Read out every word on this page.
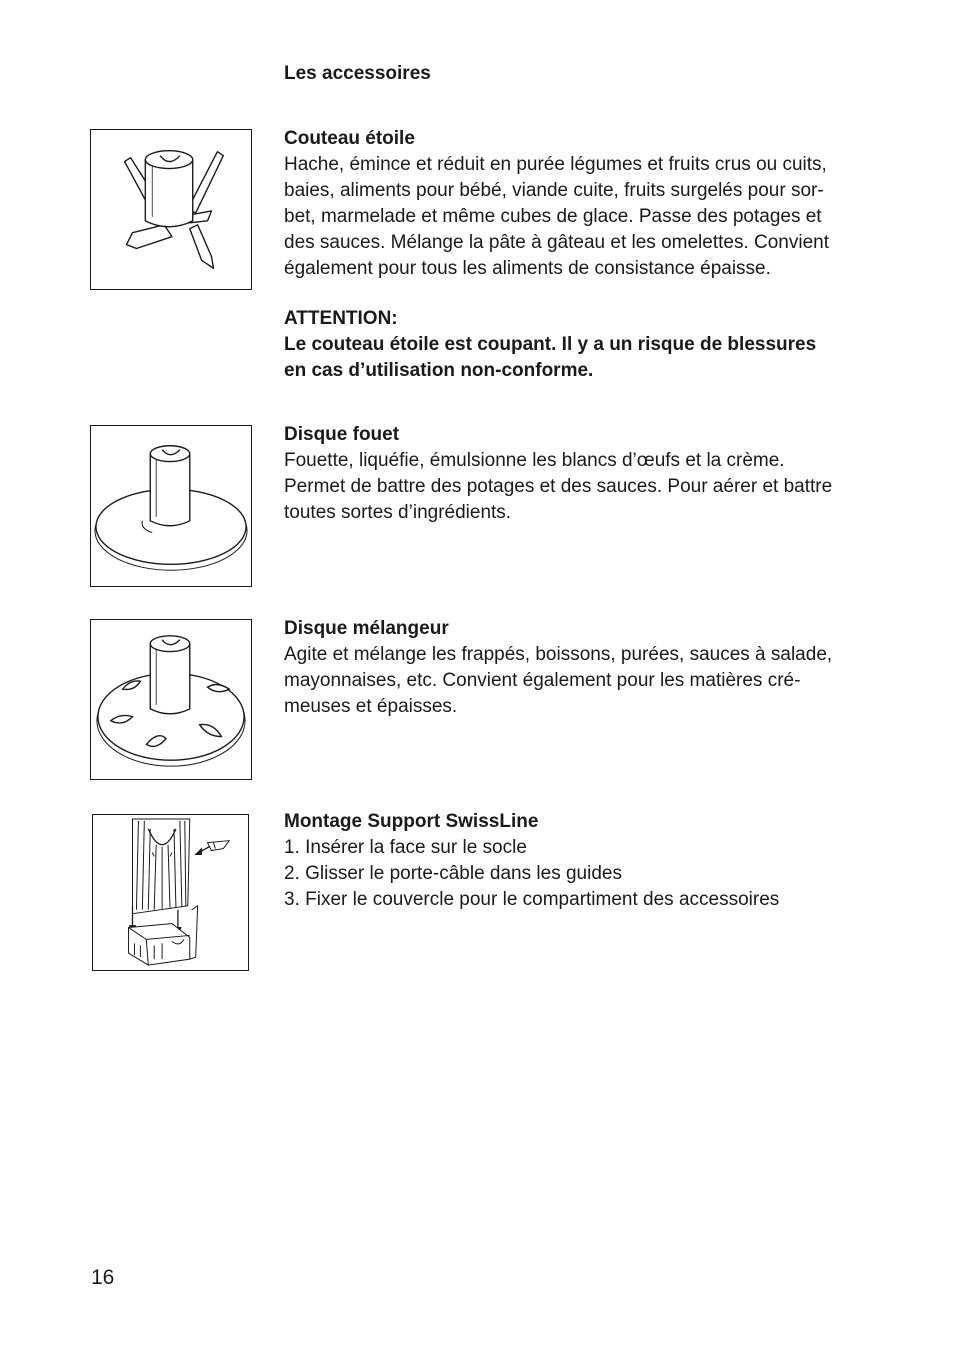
Les accessoires

Couteau étoile

Hache, émince et réduit en purée légumes et fruits crus ou cuits,
baies, aliments pour bébé, viande cuite, fruits surgelés pour sor-
bet, marmelade et même cubes de glace. Passe des potages et
des sauces. Mélange la pâte à gâteau et les omelettes. Convient
également pour tous les aliments de consistance épaisse.

ATTENTION:

Le couteau étoile est coupant. Il y a un risque de blessures
en cas d’utilisation non-conforme.

Disque fouet

Fouette, liquéfie, émulsionne les blancs d’œufs et la crème.
Permet de battre des potages et des sauces. Pour aérer et battre
toutes sortes d’ingrédients.

Disque mélangeur

Agite et mélange les frappés, boissons, purées, sauces à salade,
mayonnaises, etc. Convient également pour les matières cré-
meuses et épaisses.

Montage Support SwissLine

1. Insérer la face sur le socle
2. Glisser le porte-câble dans les guides
3. Fixer le couvercle pour le compartiment des accessoires
16
